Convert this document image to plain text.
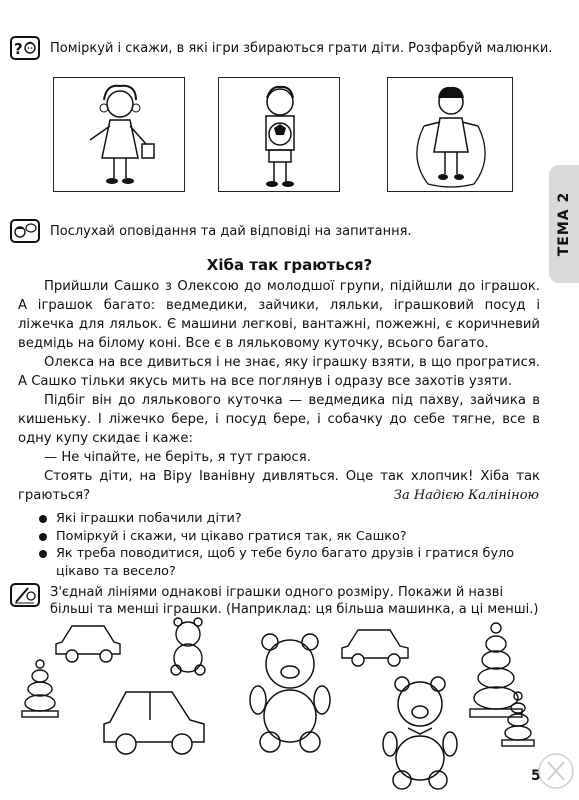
? Поміркуй і скажи, в які ігри збираються грати діти. Розфарбуй малюнки.
ТЕМА 2
Послухай оповідання та дай відповіді на запитання.
Хіба так граються?

Прийшли Сашко з Олексою до молодшої групи, підійшли до іграшок. А іграшок багато: ведмедики, зайчики, ляльки, іграшковий посуд і ліжечка для ляльок. Є машини легкові, вантажні, пожежні, є коричневий ведмідь на білому коні. Все є в ляльковому куточку, всього багато.

Олекса на все дивиться і не знає, яку іграшку взяти, в що програтися. А Сашко тільки якусь мить на все поглянув і одразу все захотів узяти.

Підбіг він до лялькового куточка — ведмедика під пахву, зайчика в кишеньку. І ліжечко бере, і посуд бере, і собачку до себе тягне, все в одну купу скидає і каже:

— Не чіпайте, не беріть, я тут граюся.

Стоять діти, на Віру Іванівну дивляться. Оце так хлопчик! Хіба так граються?	За Надією Калініною
Які іграшки побачили діти?
Поміркуй і скажи, чи цікаво гратися так, як Сашко?
Як треба поводитися, щоб у тебе було багато друзів і гратися було цікаво та весело?
З'єднай лініями однакові іграшки одного розміру. Покажи й назві більші та менші іграшки. (Наприклад: ця більша машинка, а ці менші.)
5
